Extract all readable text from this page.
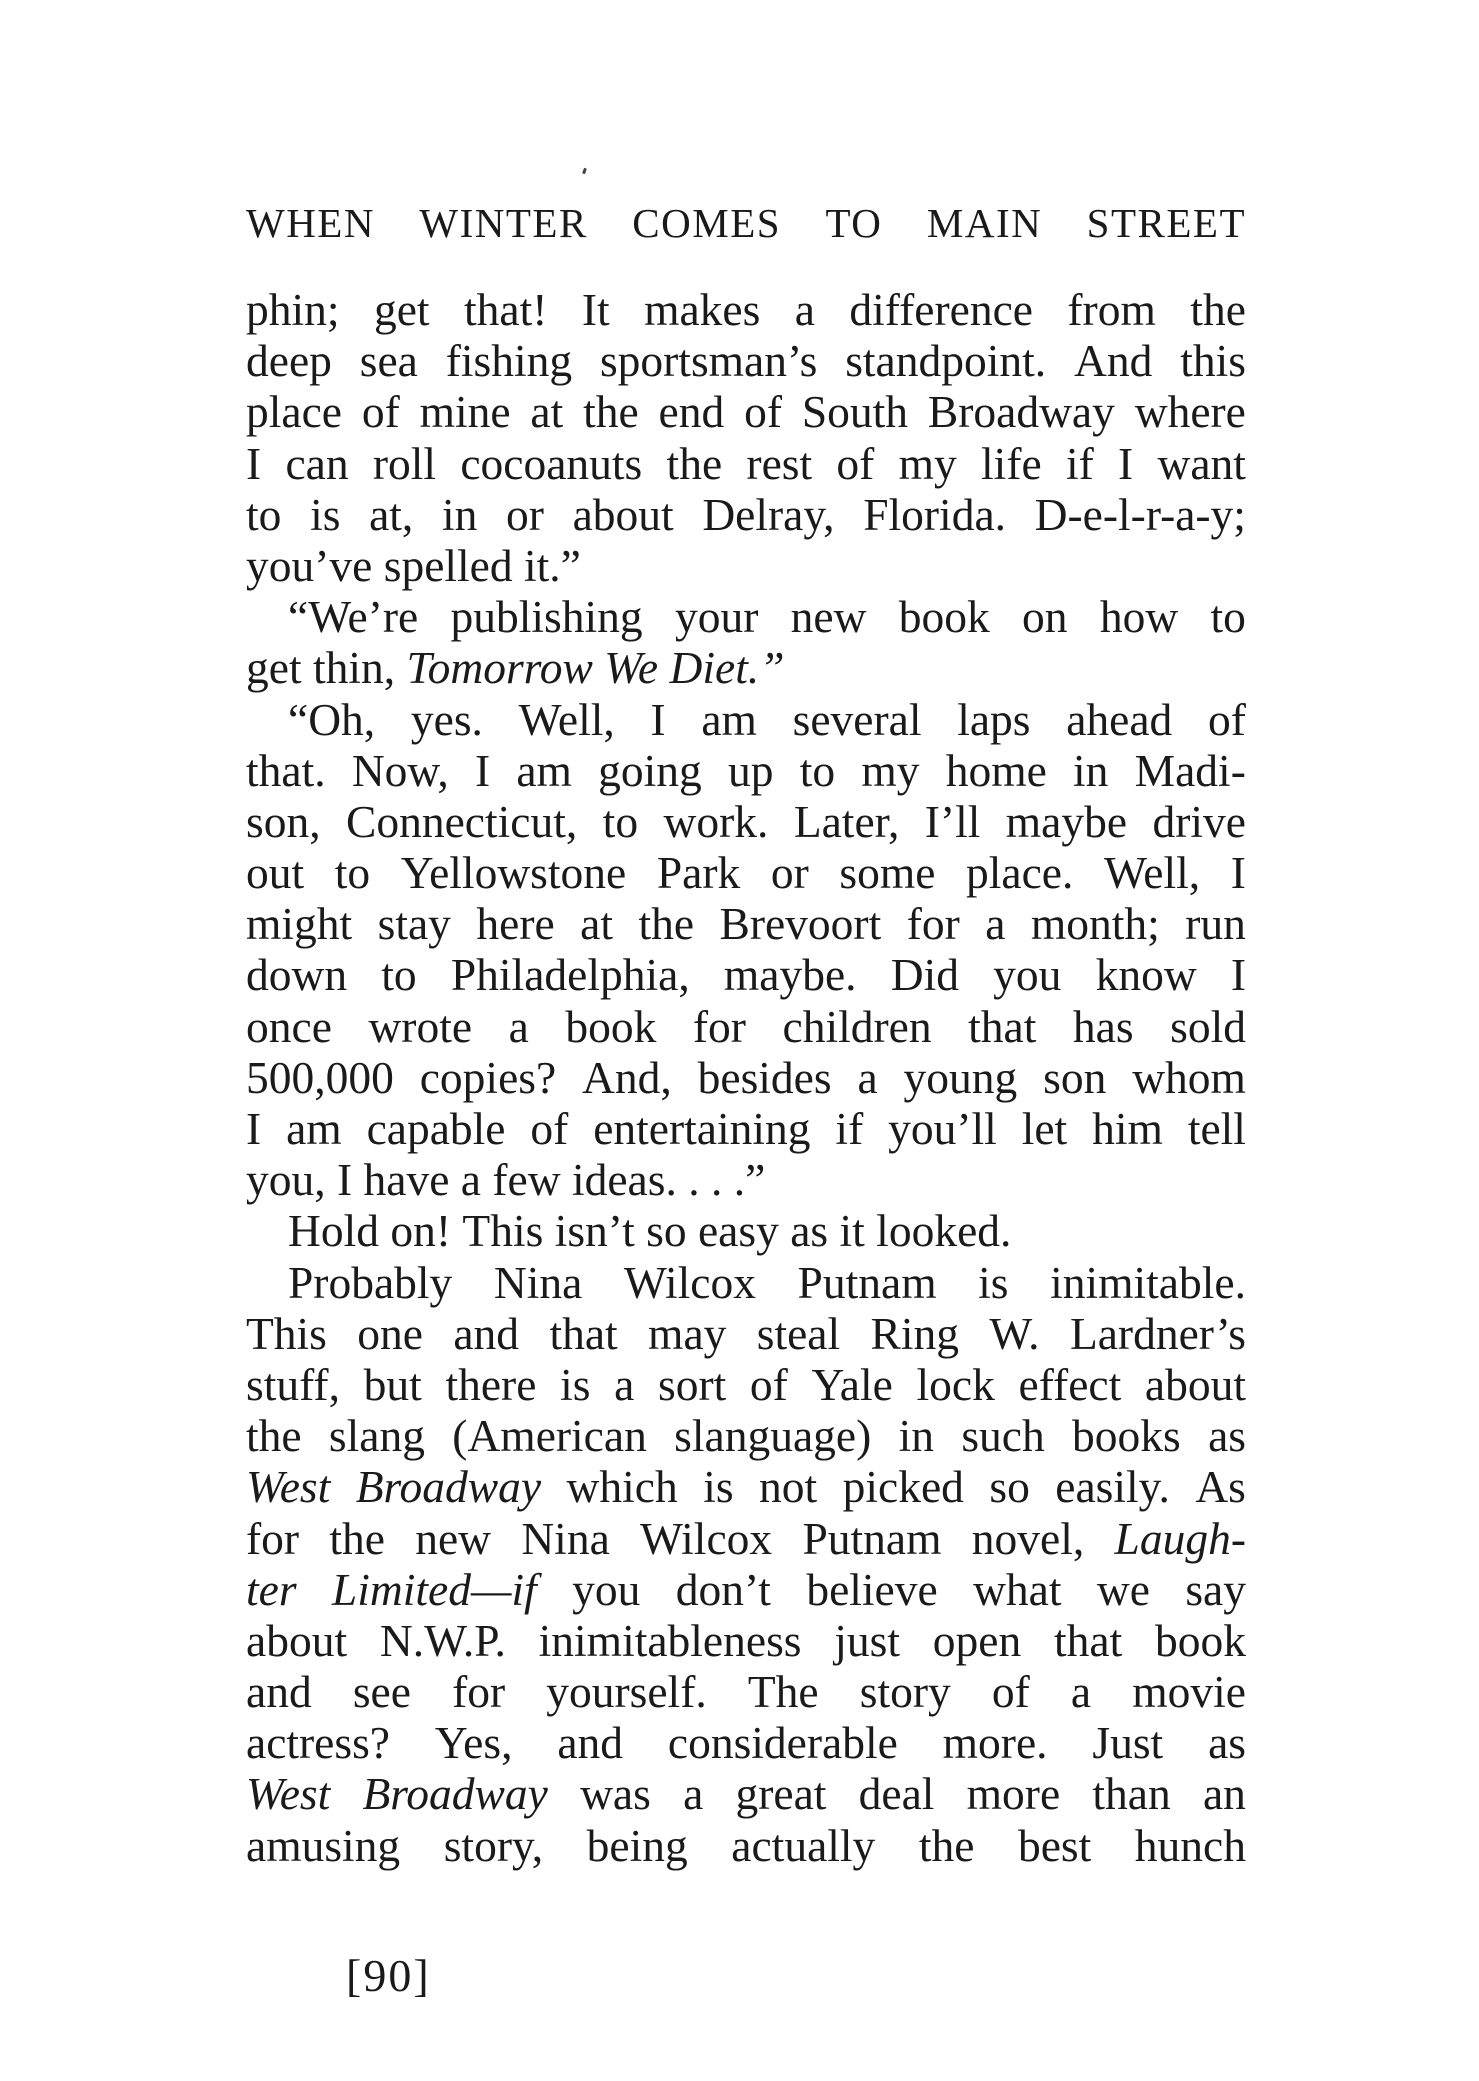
WHEN WINTER COMES TO MAIN STREET
phin; get that! It makes a difference from the
deep sea fishing sportsman’s standpoint. And this
place of mine at the end of South Broadway where
I can roll cocoanuts the rest of my life if I want
to is at, in or about Delray, Florida. D-e-l-r-a-y;
you’ve spelled it.”
“We’re publishing your new book on how to
get thin, Tomorrow We Diet.”
“Oh, yes. Well, I am several laps ahead of
that. Now, I am going up to my home in Madi-
son, Connecticut, to work. Later, I’ll maybe drive
out to Yellowstone Park or some place. Well, I
might stay here at the Brevoort for a month; run
down to Philadelphia, maybe. Did you know I
once wrote a book for children that has sold
500,000 copies? And, besides a young son whom
I am capable of entertaining if you’ll let him tell
you, I have a few ideas. . . .”
Hold on! This isn’t so easy as it looked.
Probably Nina Wilcox Putnam is inimitable.
This one and that may steal Ring W. Lardner’s
stuff, but there is a sort of Yale lock effect about
the slang (American slanguage) in such books as
West Broadway which is not picked so easily. As
for the new Nina Wilcox Putnam novel, Laugh-
ter Limited—if you don’t believe what we say
about N.W.P. inimitableness just open that book
and see for yourself. The story of a movie
actress? Yes, and considerable more. Just as
West Broadway was a great deal more than an
amusing story, being actually the best hunch
[90]
